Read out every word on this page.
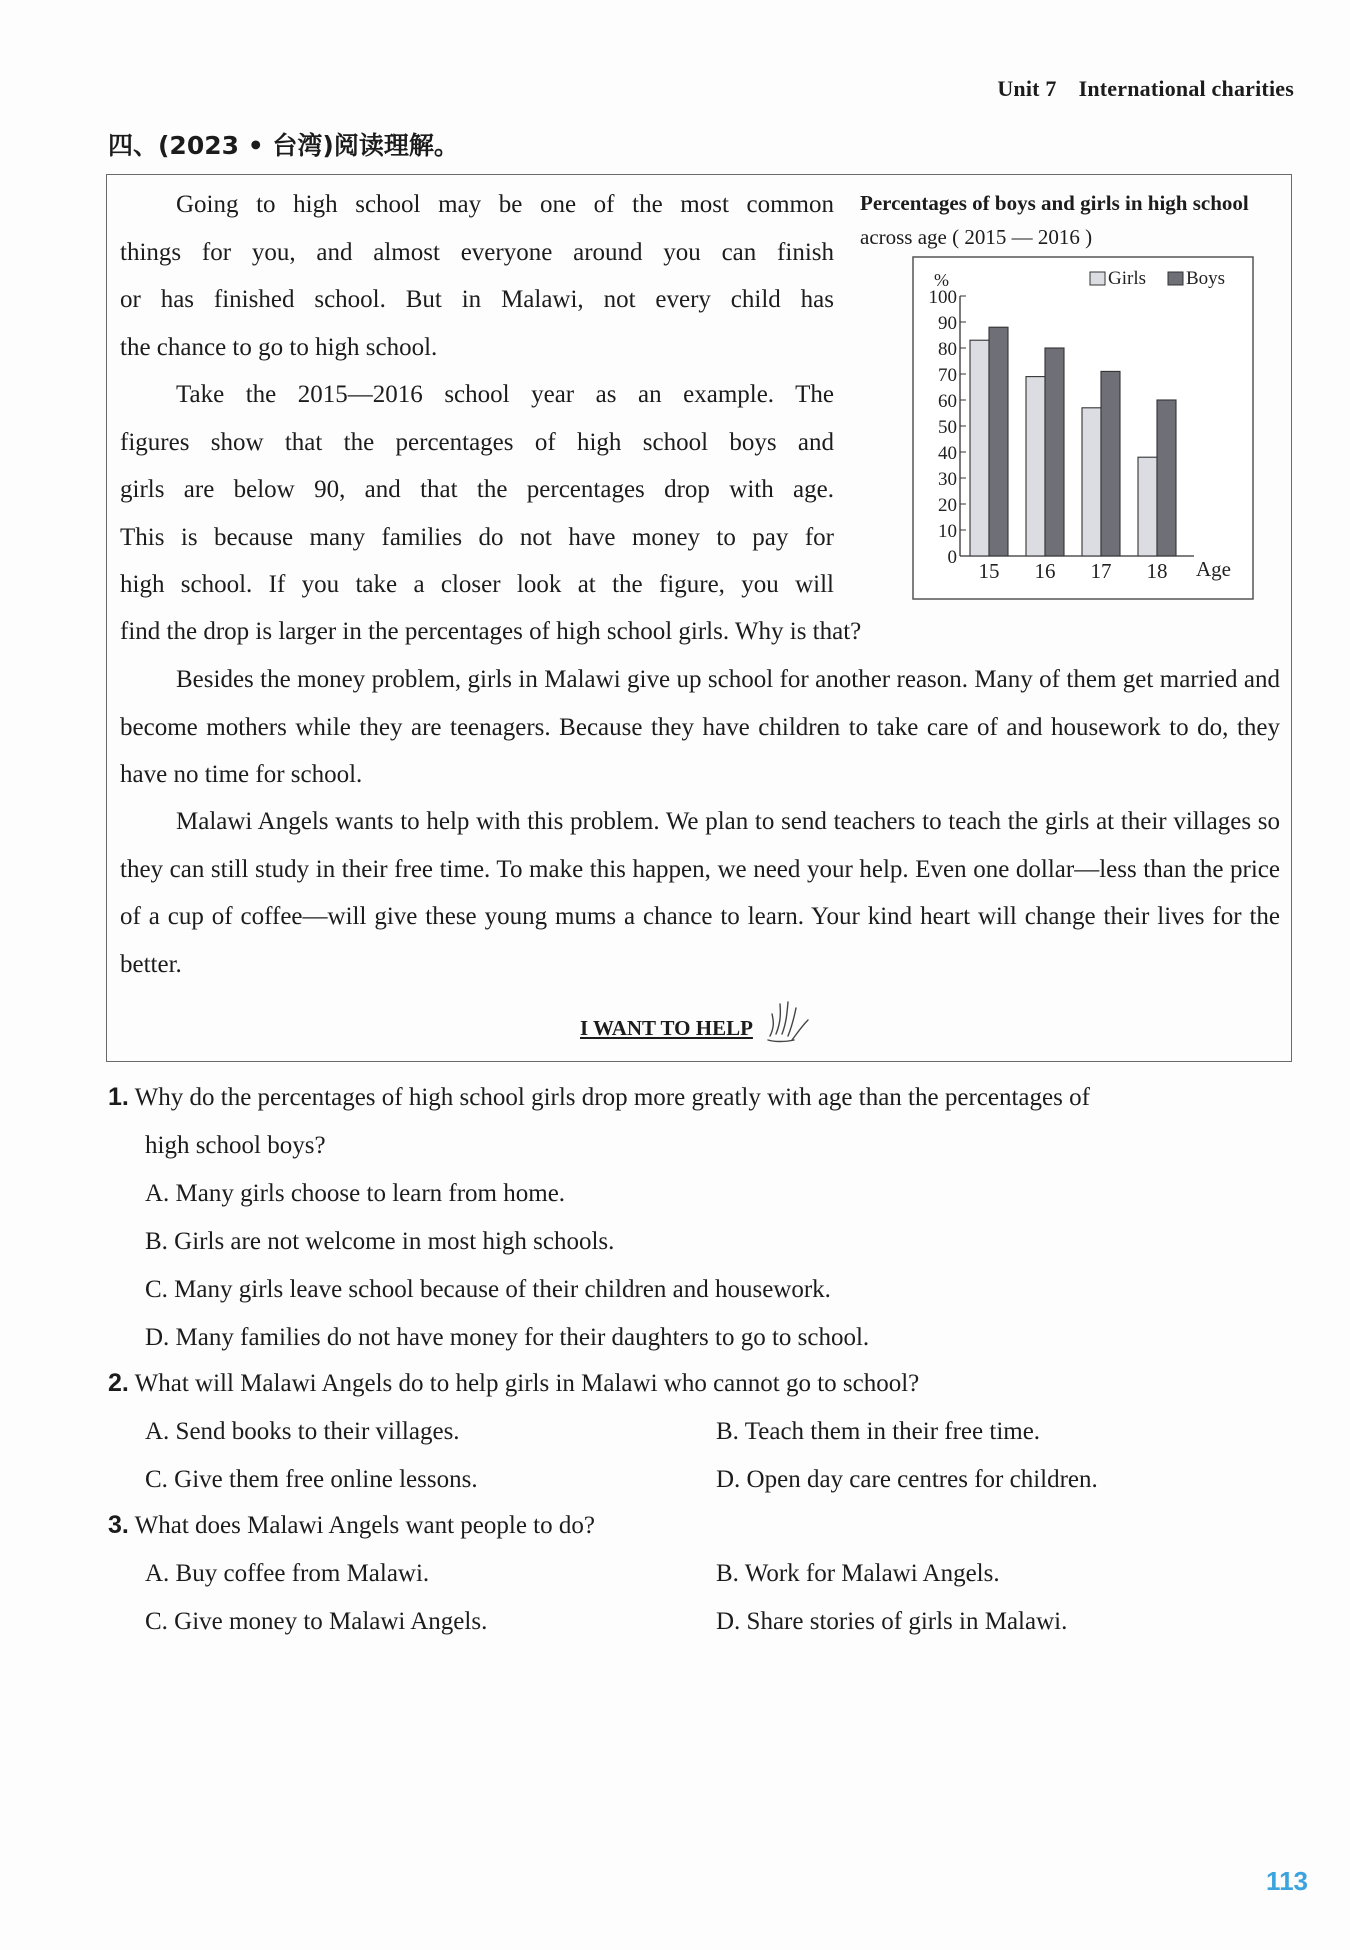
Unit 7 International charities
四、(2023 • 台湾)阅读理解。

Going to high school may be one of the most common

things for you, and almost everyone around you can finish

or has finished school. But in Malawi, not every child has

the chance to go to high school.

Take the 2015—2016 school year as an example. The

figures show that the percentages of high school boys and

girls are below 90, and that the percentages drop with age.

This is because many families do not have money to pay for

high school. If you take a closer look at the figure, you will

find the drop is larger in the percentages of high school girls. Why is that?

Besides the money problem, girls in Malawi give up school for another reason. Many of them get married and become mothers while they are teenagers. Because they have children to take care of and housework to do, they have no time for school.

Malawi Angels wants to help with this problem. We plan to send teachers to teach the girls at their villages so they can still study in their free time. To make this happen, we need your help. Even one dollar—less than the price of a cup of coffee—will give these young mums a chance to learn. Your kind heart will change their lives for the better.

Percentages of boys and girls in high school
across age ( 2015 — 2016 )
0
10
20
30
40
50
60
70
80
90
100
%
Age
15 16 17 18
Girls Boys
I WANT TO HELP
1. Why do the percentages of high school girls drop more greatly with age than the percentages of
high school boys?
A. Many girls choose to learn from home.
B. Girls are not welcome in most high schools.
C. Many girls leave school because of their children and housework.
D. Many families do not have money for their daughters to go to school.
2. What will Malawi Angels do to help girls in Malawi who cannot go to school?
A. Send books to their villages.	B. Teach them in their free time.
C. Give them free online lessons.	D. Open day care centres for children.
3. What does Malawi Angels want people to do?
A. Buy coffee from Malawi.	B. Work for Malawi Angels.
C. Give money to Malawi Angels.	D. Share stories of girls in Malawi.
113
